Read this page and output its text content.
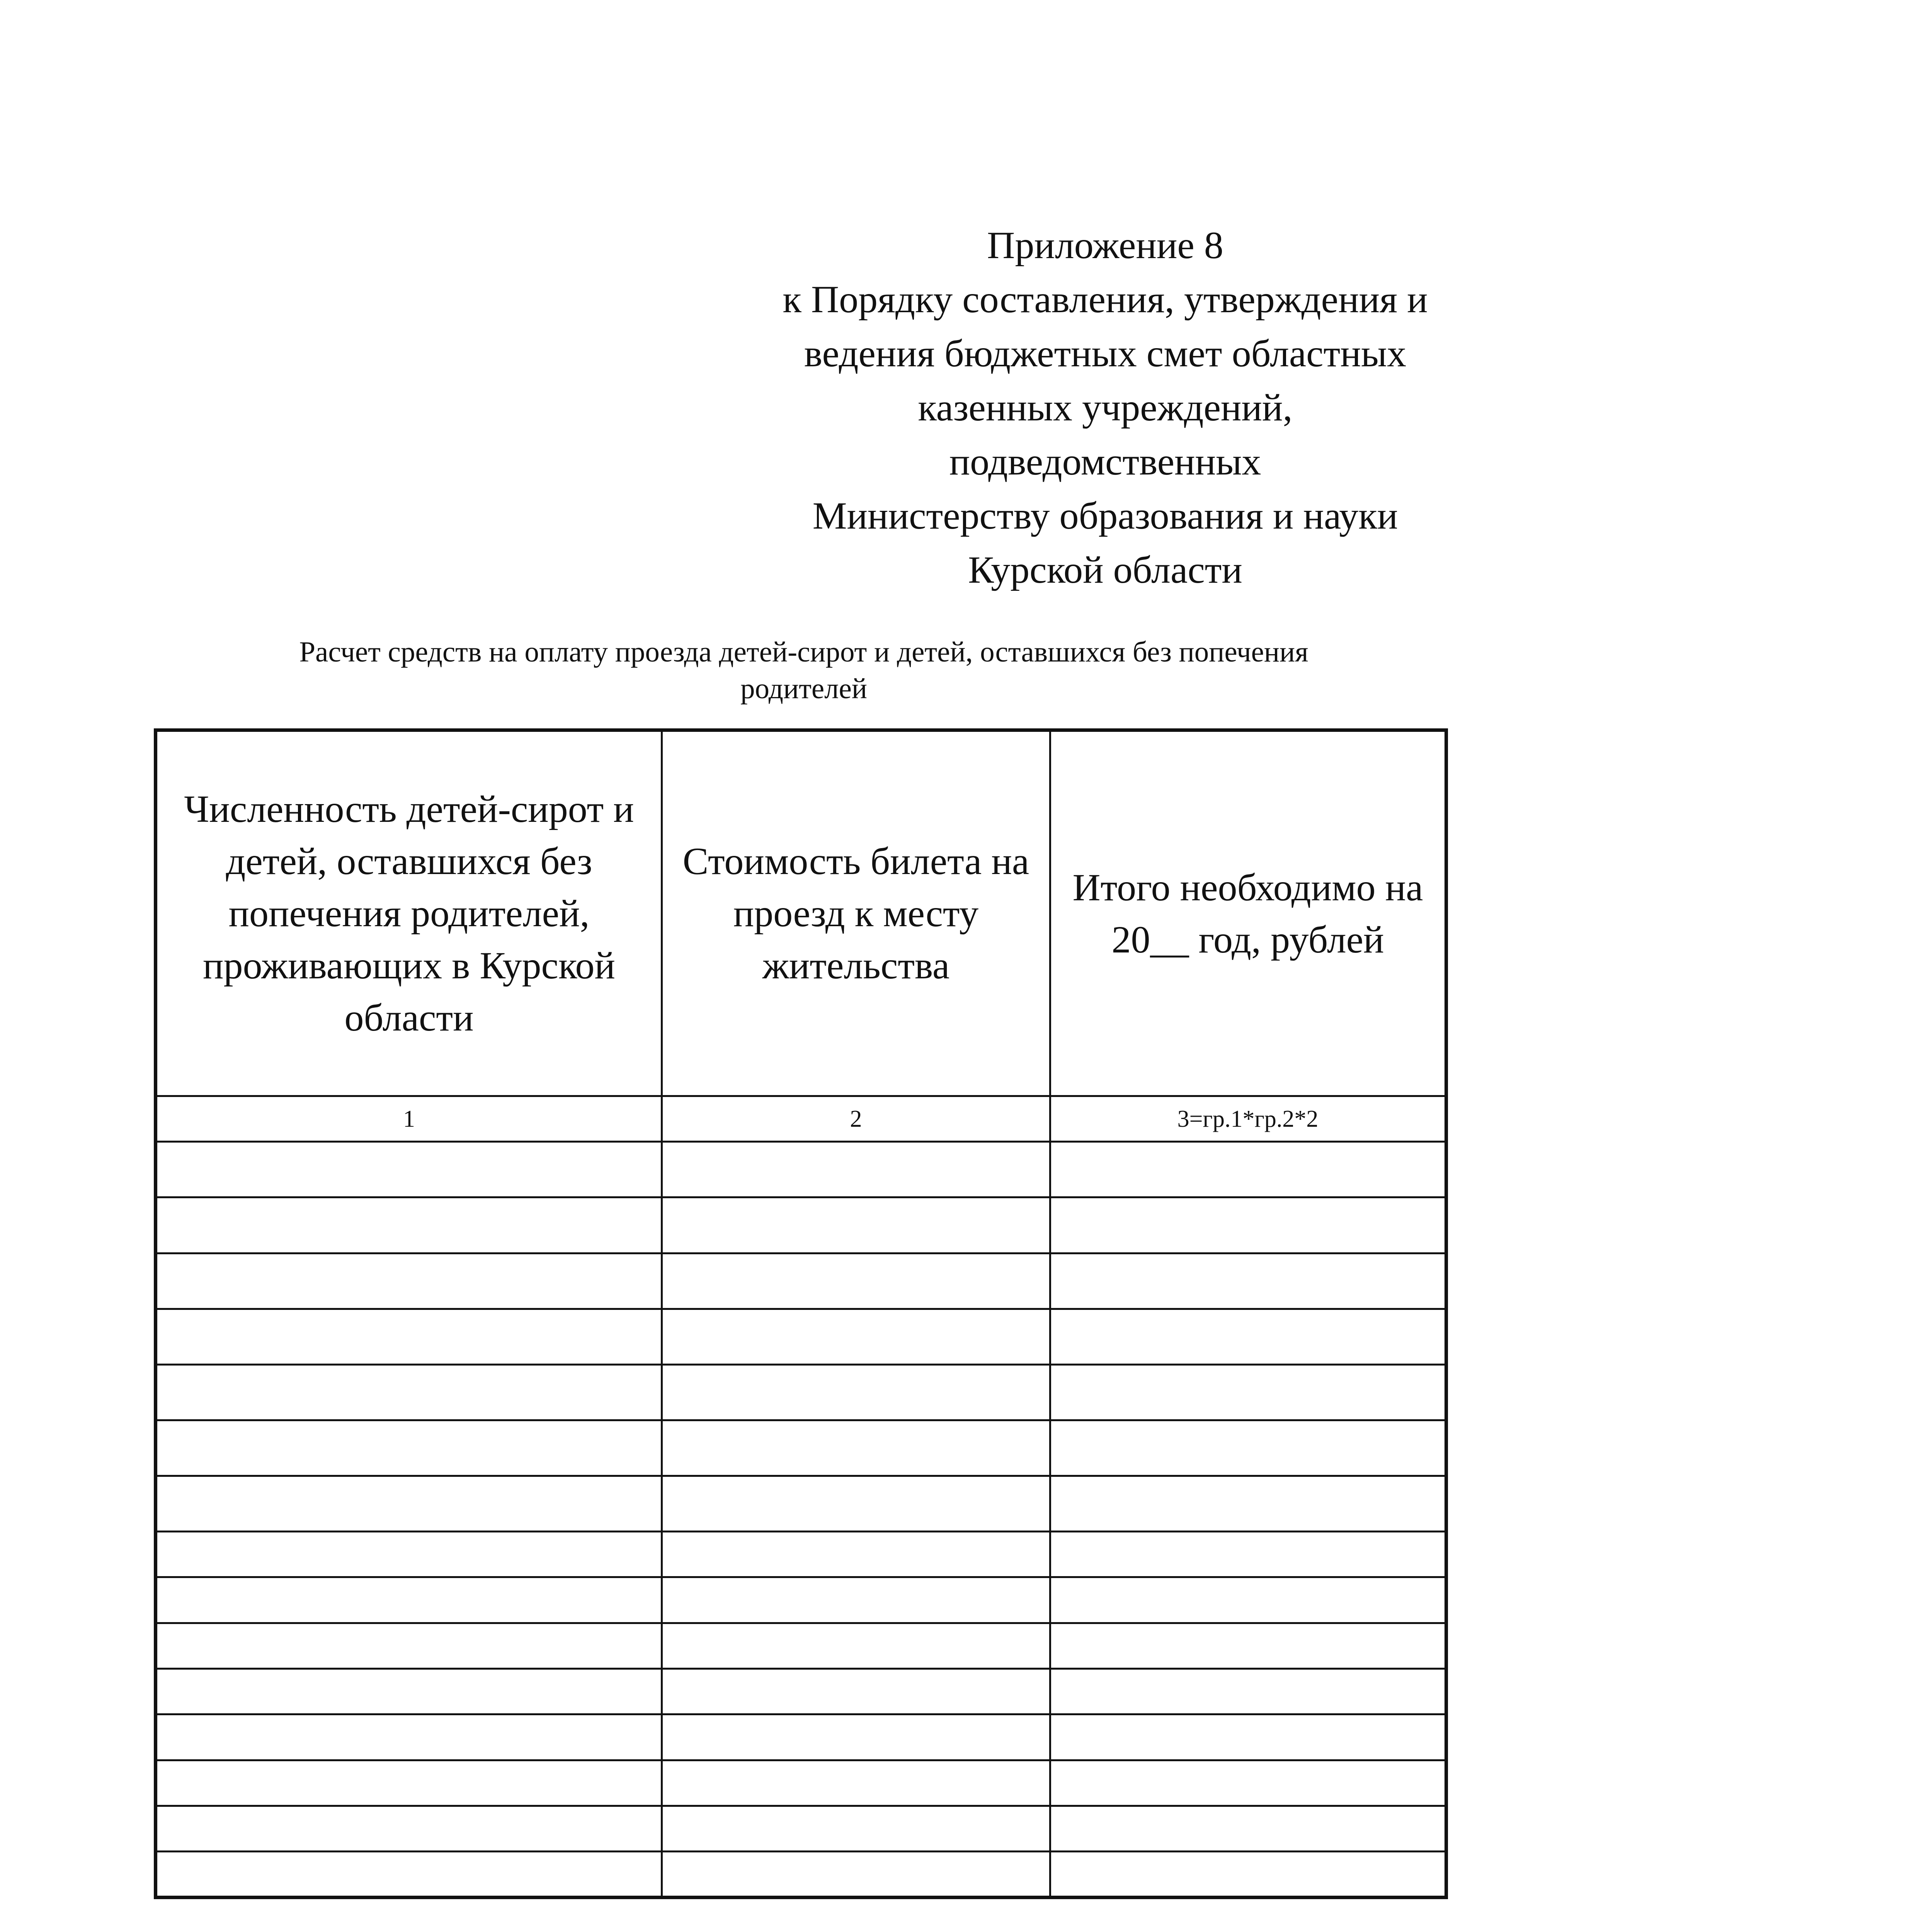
Приложение 8
к Порядку составления, утверждения и
ведения бюджетных смет областных
казенных учреждений,
подведомственных
Министерству образования и науки
Курской области
Расчет средств на оплату проезда детей-сирот и детей, оставшихся без попечения
родителей
Численность детей-сирот и детей, оставшихся без попечения родителей, проживающих в Курской области	Стоимость билета на проезд к месту жительства	Итого необходимо на 20__ год, рублей
1	2	3=гр.1*гр.2*2
